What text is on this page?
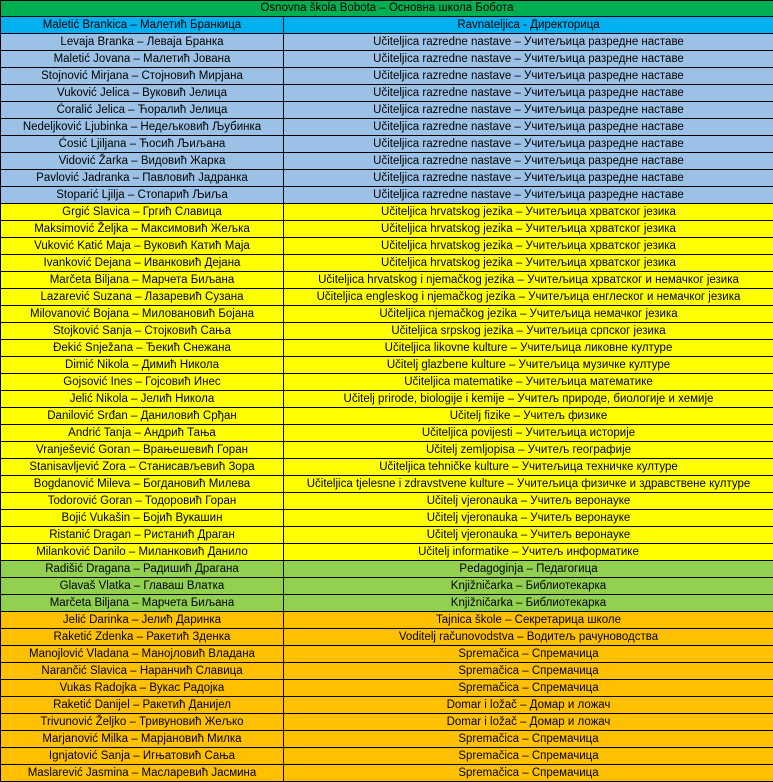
Osnovna škola Bobota – Основна школа Бобота	
Maletić Brankica – Малетић Бранкица	Ravnateljica - Директорица
Levaja Branka – Леваја Бранка	Učiteljica razredne nastave – Учитељица разредне наставе
Maletić Jovana – Малетић Јована	Učiteljica razredne nastave – Учитељица разредне наставе
Stojnović Mirjana – Стојновић Мирјана	Učiteljica razredne nastave – Учитељица разредне наставе
Vuković Jelica – Вуковић Јелица	Učiteljica razredne nastave – Учитељица разредне наставе
Ćoralić Jelica – Ћоралић Јелица	Učiteljica razredne nastave – Учитељица разредне наставе
Nedeljković Ljubinka – Недељковић Љубинка	Učiteljica razredne nastave – Учитељица разредне наставе
Ćosić Ljiljana – Ћосић Љиљана	Učiteljica razredne nastave – Учитељица разредне наставе
Vidović Žarka – Видовић Жарка	Učiteljica razredne nastave – Учитељица разредне наставе
Pavlović Jadranka – Павловић Јадранка	Učiteljica razredne nastave – Учитељица разредне наставе
Stoparić Ljilja – Стопарић Љиља	Učiteljica razredne nastave – Учитељица разредне наставе
Grgić Slavica – Гргић Славица	Učiteljica hrvatskog jezika – Учитељица хрватског језика
Maksimović Željka – Максимовић Жељка	Učiteljica hrvatskog jezika – Учитељица хрватског језика
Vuković Katić Maja – Вуковић Катић Маја	Učiteljica hrvatskog jezika – Учитељица хрватског језика
Ivanković Dejana – Иванковић Дејана	Učiteljica hrvatskog jezika – Учитељица хрватског језика
Marčeta Biljana – Марчета Биљана	Učiteljica hrvatskog i njemačkog jezika – Учитељица хрватског и немачког језика
Lazarević Suzana – Лазаревић Сузана	Učiteljica engleskog i njemačkog jezika – Учитељица енглеског и немачког језика
Milovanović Bojana – Миловановић Бојана	Učiteljica njemačkog jezika – Учитељица немачког језика
Stojković Sanja – Стојковић Сања	Učiteljica srpskog jezika – Учитељица српског језика
Đekić Snježana – Ђекић Снежана	Učiteljica likovne kulture – Учитељица ликовне културе
Dimić Nikola – Димић Никола	Učitelj glazbene kulture – Учитељица музичке културе
Gojsović Ines – Гојсовић Инес	Učiteljica matematike – Учитељица математике
Jelić Nikola – Јелић Никола	Učitelj prirode, biologije i kemije – Учитељ природе, биологије и хемије
Danilović Srđan – Даниловић Срђан	Učitelj fizike – Учитељ физике
Andrić Tanja – Андрић Тања	Učiteljica povijesti – Учитељица историје
Vranješević Goran – Врањешевић Горан	Učitelj zemljopisa – Учитељ географије
Stanisavljević Zora – Станисављевић Зора	Učiteljica tehničke kulture – Учитељица техничке културе
Bogdanović Mileva – Богдановић Милева	Učiteljica tjelesne i zdravstvene kulture – Учитељица физичке и здравствене културе
Todorović Goran – Тодоровић Горан	Učitelj vjeronauka – Учитељ веронауке
Bojić Vukašin – Бојић Вукашин	Učitelj vjeronauka – Учитељ веронауке
Ristanić Dragan – Ристанић Драган	Učitelj vjeronauka – Учитељ веронауке
Milanković Danilo – Миланковић Данило	Učitelj informatike – Учитељ информатике
Radišić Dragana – Радишић Драгана	Pedagoginja – Педагогица
Glavaš Vlatka – Главаш Влатка	Knjižničarka – Библиотекарка
Marčeta Biljana – Марчета Биљана	Knjižničarka – Библиотекарка
Jelić Darinka – Јелић Даринка	Tajnica škole – Секретарица школе
Raketić Zdenka – Ракетић Зденка	Voditelj računovodstva – Водитељ рачуноводства
Manojlović Vladana – Манојловић Владана	Spremačica – Спремачица
Narančić Slavica – Наранчић Славица	Spremačica – Спремачица
Vukas Radojka – Вукас Радојка	Spremačica – Спремачица
Raketić Danijel – Ракетић Данијел	Domar i ložač – Домар и ложач
Trivunović Željko – Тривуновић Жељко	Domar i ložač – Домар и ложач
Marjanović Milka – Марјановић Милка	Spremačica – Спремачица
Ignjatović Sanja – Игњатовић Сања	Spremačica – Спремачица
Maslarević Jasmina – Масларевић Јасмина	Spremačica – Спремачица
